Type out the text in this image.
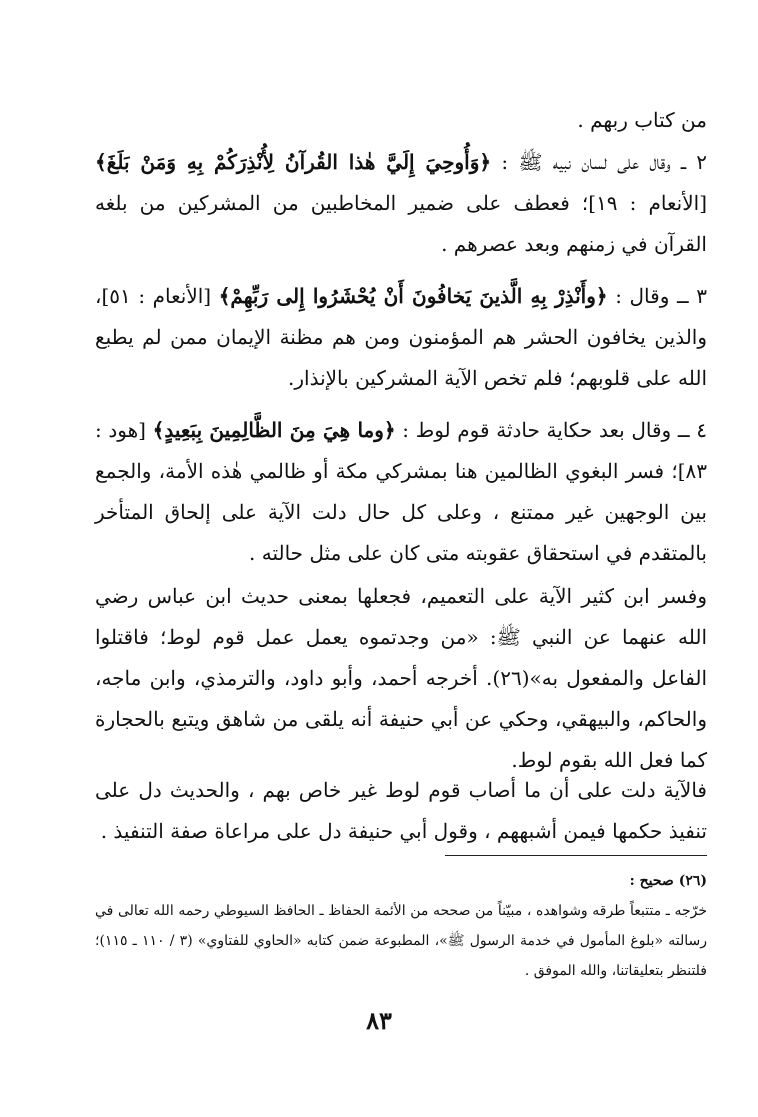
من كتاب ربهم .

٢ ــ وقال على لسان نبيه ﷺ : ﴿وَأُوحِيَ إِلَيَّ هٰذا القُرآنُ لِأُنْذِرَكُمْ بِهِ وَمَنْ بَلَغَ﴾ [الأنعام : ١٩]؛ فعطف على ضمير المخاطبين من المشركين من بلغه القرآن في زمنهم وبعد عصرهم .

٣ ــ وقال : ﴿وأَنْذِرْ بِهِ الَّذينَ يَخافُونَ أَنْ يُحْشَرُوا إِلى رَبِّهِمْ﴾ [الأنعام : ٥١]، والذين يخافون الحشر هم المؤمنون ومن هم مظنة الإيمان ممن لم يطبع الله على قلوبهم؛ فلم تخص الآية المشركين بالإنذار.

٤ ــ وقال بعد حكاية حادثة قوم لوط : ﴿وما هِيَ مِنَ الظَّالِمِينَ بِبَعِيدٍ﴾ [هود : ٨٣]؛ فسر البغوي الظالمين هنا بمشركي مكة أو ظالمي هٰذه الأمة، والجمع بين الوجهين غير ممتنع ، وعلى كل حال دلت الآية على إلحاق المتأخر بالمتقدم في استحقاق عقوبته متى كان على مثل حالته .

وفسر ابن كثير الآية على التعميم، فجعلها بمعنى حديث ابن عباس رضي الله عنهما عن النبي ﷺ: «من وجدتموه يعمل عمل قوم لوط؛ فاقتلوا الفاعل والمفعول به»(٢٦). أخرجه أحمد، وأبو داود، والترمذي، وابن ماجه، والحاكم، والبيهقي، وحكي عن أبي حنيفة أنه يلقى من شاهق ويتبع بالحجارة كما فعل الله بقوم لوط.

فالآية دلت على أن ما أصاب قوم لوط غير خاص بهم ، والحديث دل على تنفيذ حكمها فيمن أشبههم ، وقول أبي حنيفة دل على مراعاة صفة التنفيذ .

(٢٦) صحيح :

خرّجه ـ متتبعاً طرقه وشواهده ، مبيّناً من صححه من الأئمة الحفاظ ـ الحافظ السيوطي رحمه الله تعالى في رسالته «بلوغ المأمول في خدمة الرسول ﷺ»، المطبوعة ضمن كتابه «الحاوي للفتاوي» (٣ / ١١٠ ـ ١١٥)؛ فلتنظر بتعليقاتنا، والله الموفق .

٨٣
